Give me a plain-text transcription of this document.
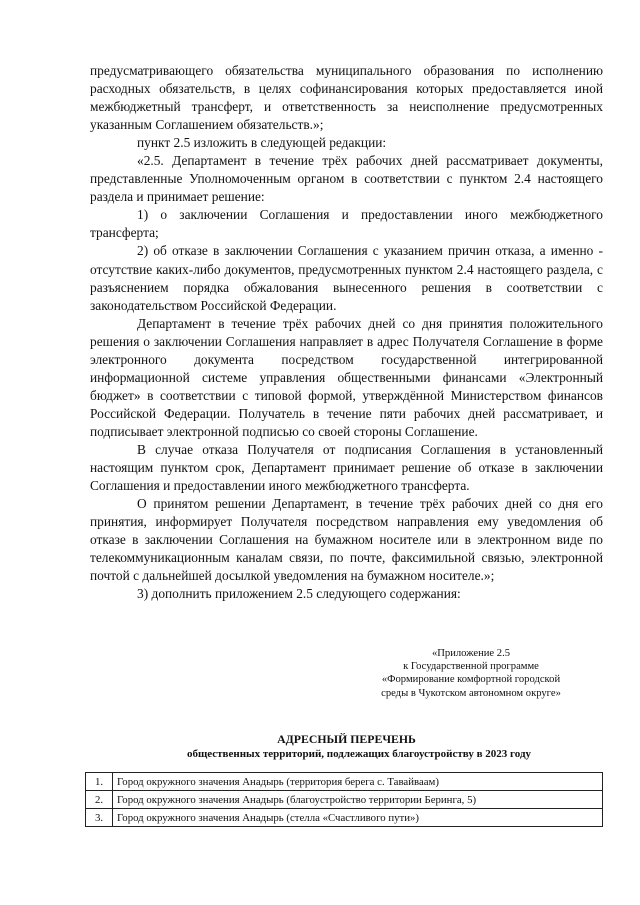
предусматривающего обязательства муниципального образования по исполнению расходных обязательств, в целях софинансирования которых предоставляется иной межбюджетный трансферт, и ответственность за неисполнение предусмотренных указанным Соглашением обязательств.»;

пункт 2.5 изложить в следующей редакции:

«2.5. Департамент в течение трёх рабочих дней рассматривает документы, представленные Уполномоченным органом в соответствии с пунктом 2.4 настоящего раздела и принимает решение:

1) о заключении Соглашения и предоставлении иного межбюджетного трансферта;

2) об отказе в заключении Соглашения с указанием причин отказа, а именно - отсутствие каких-либо документов, предусмотренных пунктом 2.4 настоящего раздела, с разъяснением порядка обжалования вынесенного решения в соответствии с законодательством Российской Федерации.

Департамент в течение трёх рабочих дней со дня принятия положительного решения о заключении Соглашения направляет в адрес Получателя Соглашение в форме электронного документа посредством государственной интегрированной информационной системе управления общественными финансами «Электронный бюджет» в соответствии с типовой формой, утверждённой Министерством финансов Российской Федерации. Получатель в течение пяти рабочих дней рассматривает, и подписывает электронной подписью со своей стороны Соглашение.

В случае отказа Получателя от подписания Соглашения в установленный настоящим пунктом срок, Департамент принимает решение об отказе в заключении Соглашения и предоставлении иного межбюджетного трансферта.

О принятом решении Департамент, в течение трёх рабочих дней со дня его принятия, информирует Получателя посредством направления ему уведомления об отказе в заключении Соглашения на бумажном носителе или в электронном виде по телекоммуникационным каналам связи, по почте, факсимильной связью, электронной почтой с дальнейшей досылкой уведомления на бумажном носителе.»;

3) дополнить приложением 2.5 следующего содержания:

«Приложение 2.5
к Государственной программе
«Формирование комфортной городской
среды в Чукотском автономном округе»
АДРЕСНЫЙ ПЕРЕЧЕНЬ
общественных территорий, подлежащих благоустройству в 2023 году
1.	Город окружного значения Анадырь (территория берега с. Тавайваам)
2.	Город окружного значения Анадырь (благоустройство территории Беринга, 5)
3.	Город окружного значения Анадырь (стелла «Счастливого пути»)
